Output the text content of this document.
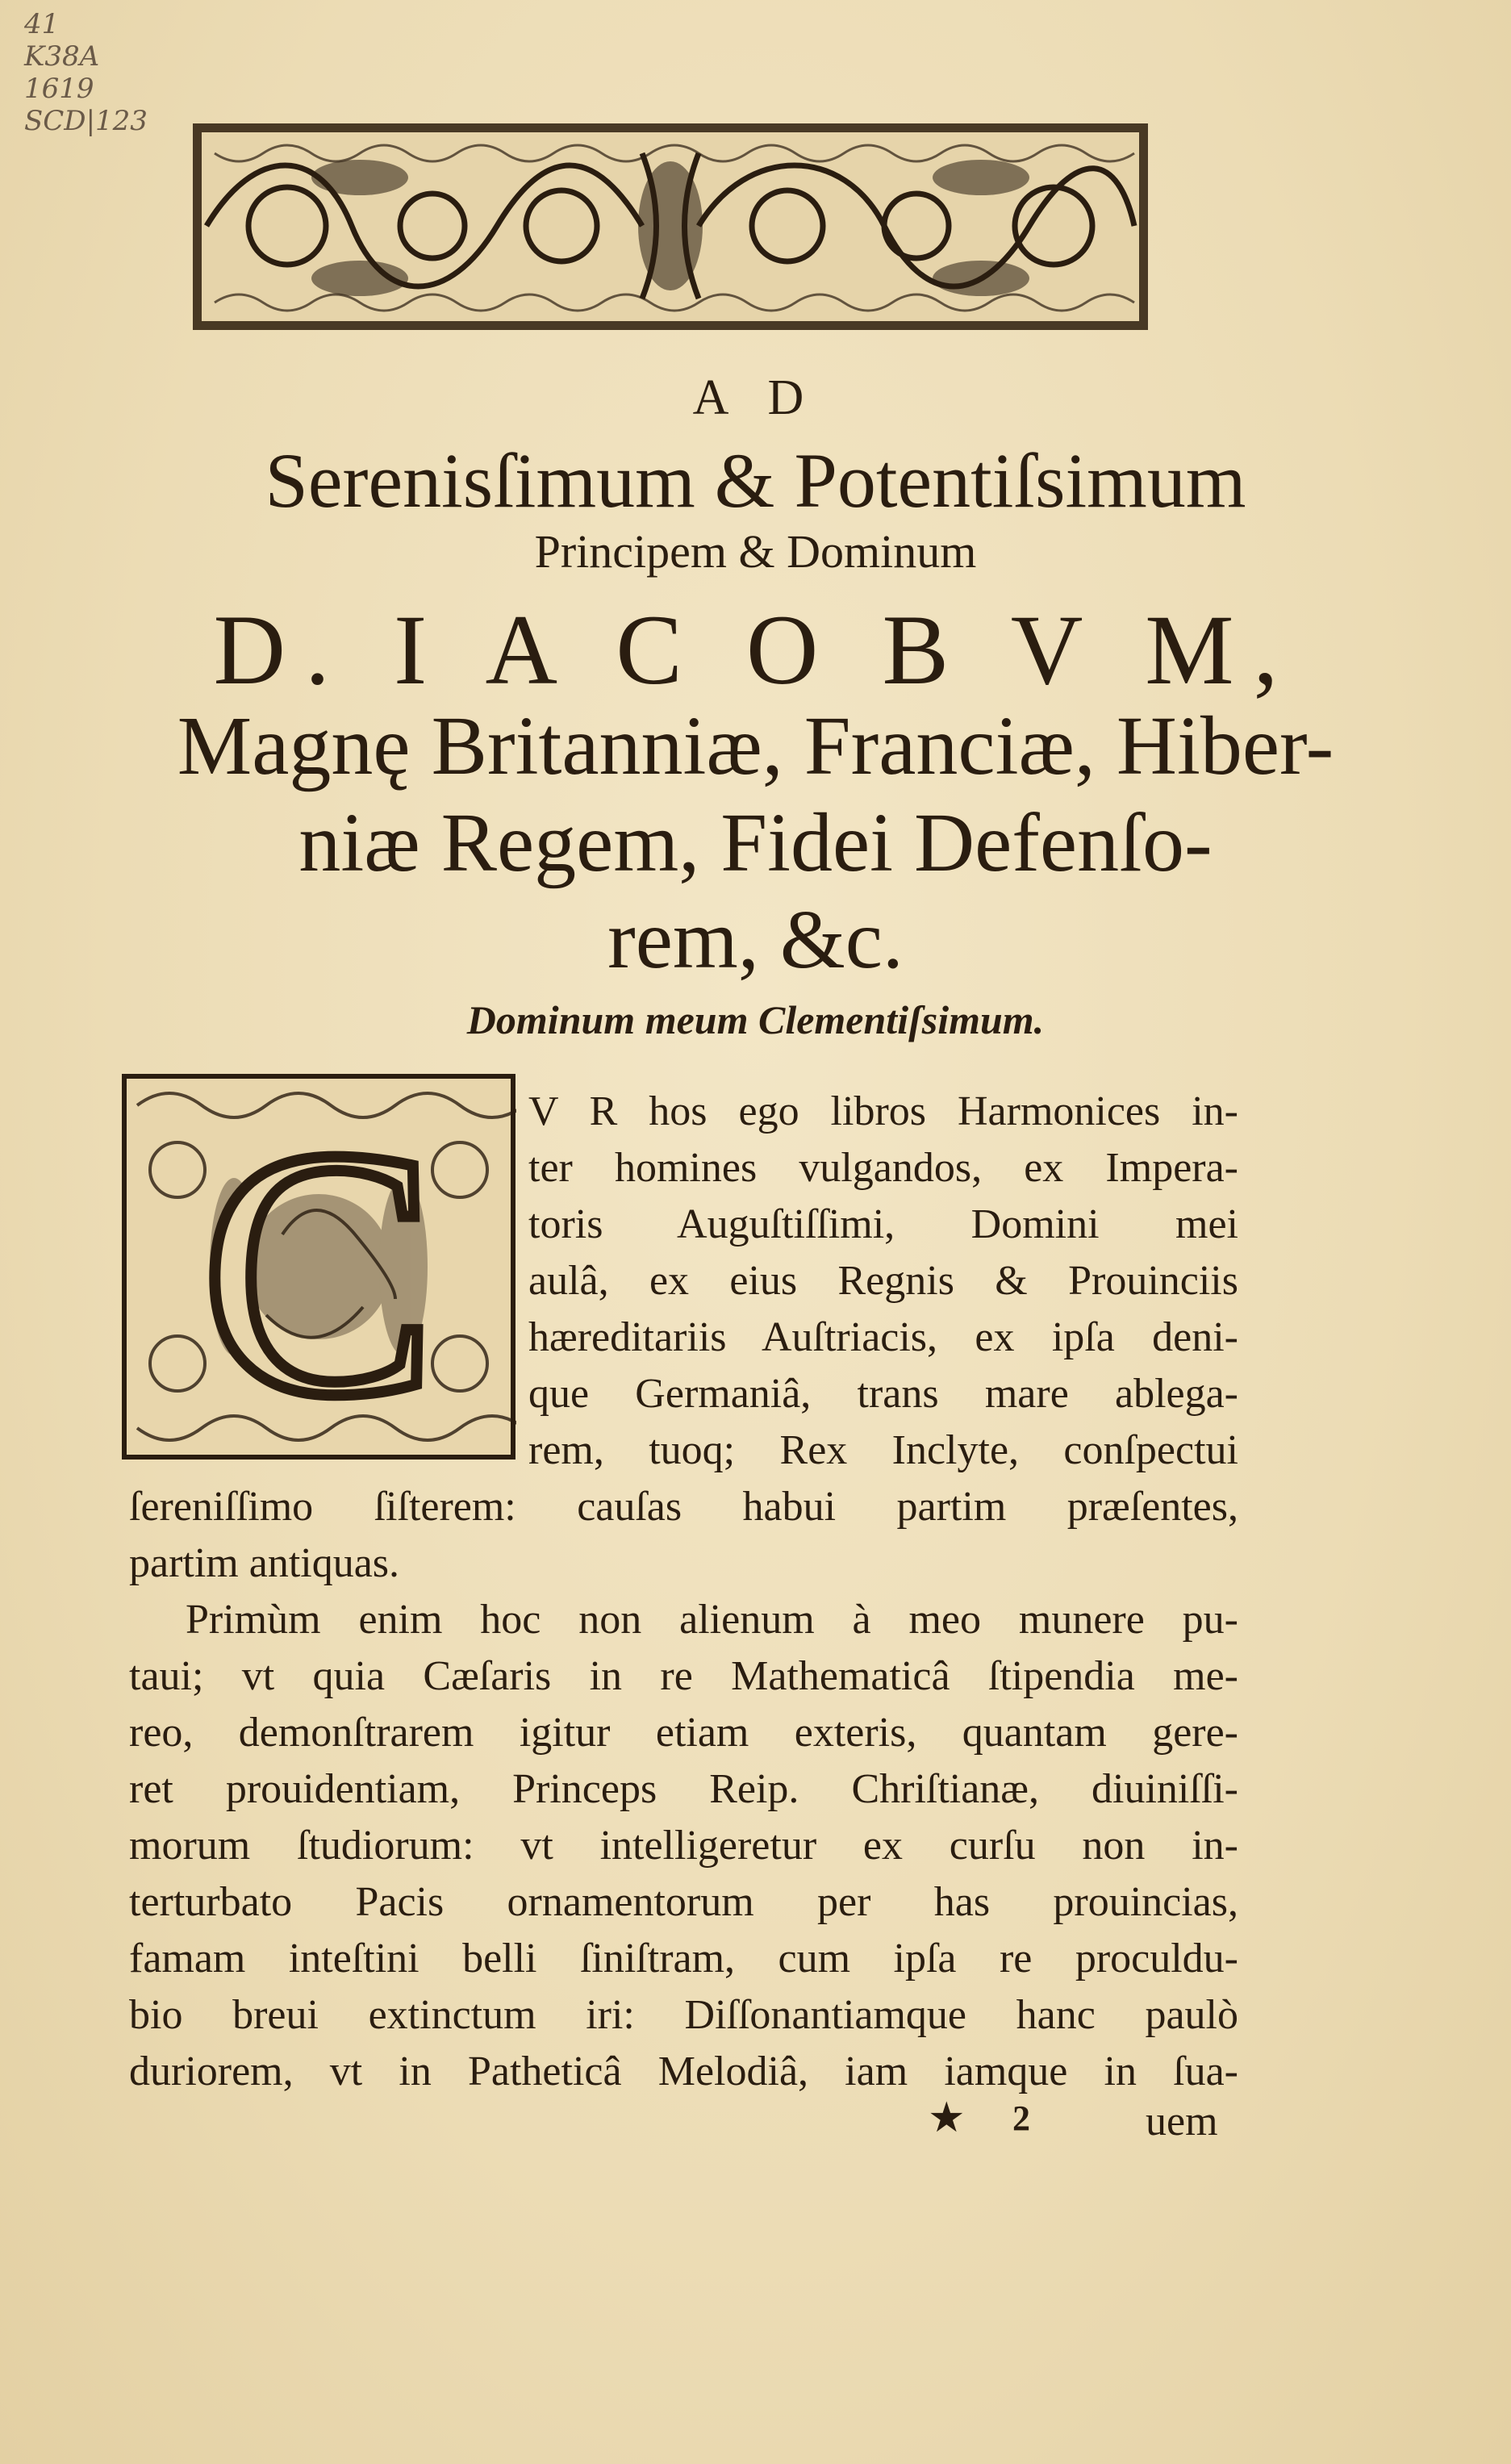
41
K38A
1619
SCD|123
A D
Serenisſimum & Potentiſsimum
Principem & Dominum
D. I A C O B V M,
Magnę Britanniæ, Franciæ, Hiber-
niæ Regem, Fidei Defenſo-
rem, &c.
Dominum meum Clementiſsimum.
C V R hos ego libros Harmonices in-
ter homines vulgandos, ex Impera-
toris Auguſtiſſimi, Domini mei
aulâ, ex eius Regnis & Prouinciis
hæreditariis Auſtriacis, ex ipſa deni-
que Germaniâ, trans mare ablega-
rem, tuoq; Rex Inclyte, conſpectui
ſereniſſimo ſiſterem: cauſas habui partim præſentes,
partim antiquas.
Primùm enim hoc non alienum à meo munere pu-
taui; vt quia Cæſaris in re Mathematicâ ſtipendia me-
reo, demonſtrarem igitur etiam exteris, quantam gere-
ret prouidentiam, Princeps Reip. Chriſtianæ, diuiniſſi-
morum ſtudiorum: vt intelligeretur ex curſu non in-
terturbato Pacis ornamentorum per has prouincias,
famam inteſtini belli ſiniſtram, cum ipſa re proculdu-
bio breui extinctum iri: Diſſonantiamque hanc paulò
duriorem, vt in Patheticâ Melodiâ, iam iamque in ſua-
★ 2	uem
